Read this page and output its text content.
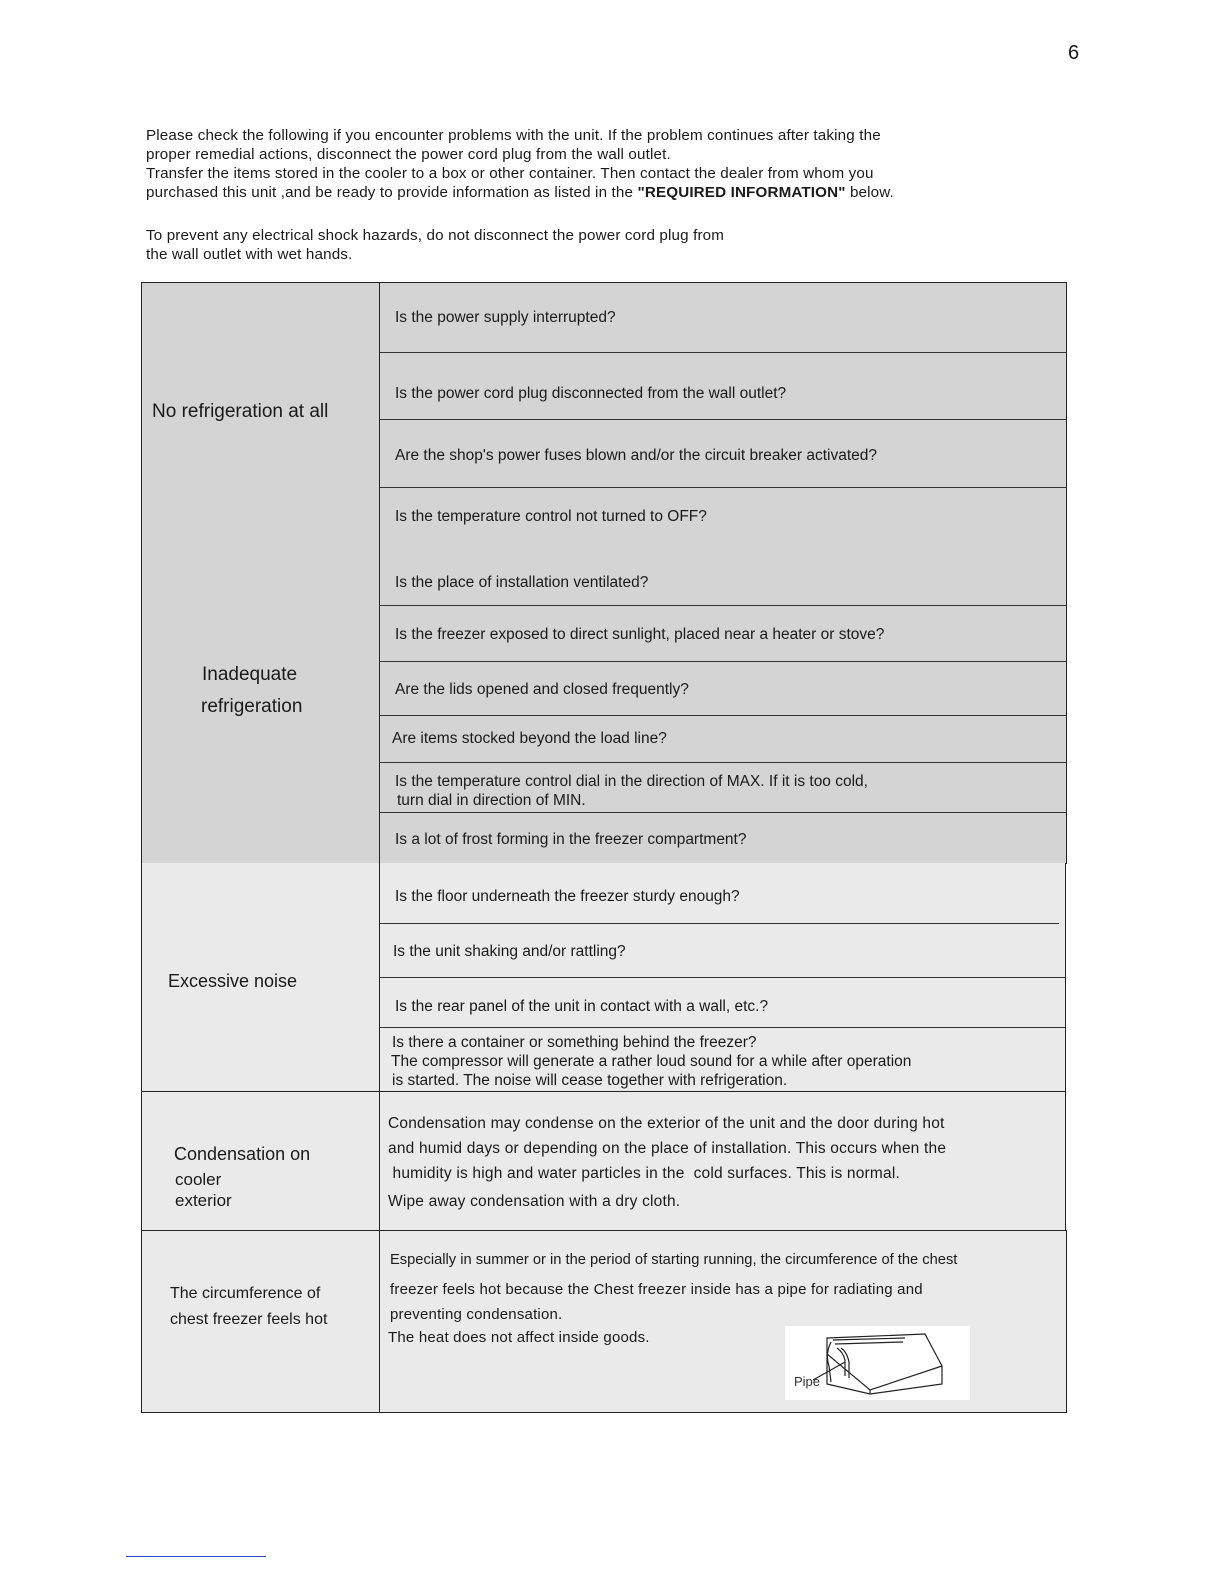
6

Please check the following if you encounter problems with the unit. If the problem continues after taking the

proper remedial actions, disconnect the power cord plug from the wall outlet.

Transfer the items stored in the cooler to a box or other container. Then contact the dealer from whom you

purchased this unit ,and be ready to provide information as listed in the "REQUIRED INFORMATION" below.

To prevent any electrical shock hazards, do not disconnect the power cord plug from

the wall outlet with wet hands.

No refrigeration at all
Inadequate
refrigeration
Is the power supply interrupted?
Is the power cord plug disconnected from the wall outlet?
Are the shop's power fuses blown and/or the circuit breaker activated?
Is the temperature control not turned to OFF?
Is the place of installation ventilated?
Is the freezer exposed to direct sunlight, placed near a heater or stove?
Are the lids opened and closed frequently?
Are items stocked beyond the load line?
Is the temperature control dial in the direction of MAX. If it is too cold,
turn dial in direction of MIN.
Is a lot of frost forming in the freezer compartment?
Excessive noise
Is the floor underneath the freezer sturdy enough?
Is the unit shaking and/or rattling?
Is the rear panel of the unit in contact with a wall, etc.?
Is there a container or something behind the freezer?
The compressor will generate a rather loud sound for a while after operation
is started. The noise will cease together with refrigeration.
Condensation on
cooler
exterior
Condensation may condense on the exterior of the unit and the door during hot
and humid days or depending on the place of installation. This occurs when the
humidity is high and water particles in the  cold surfaces. This is normal.
Wipe away condensation with a dry cloth.
The circumference of
chest freezer feels hot
Especially in summer or in the period of starting running, the circumference of the chest
freezer feels hot because the Chest freezer inside has a pipe for radiating and
preventing condensation.
The heat does not affect inside goods.
Pipe
